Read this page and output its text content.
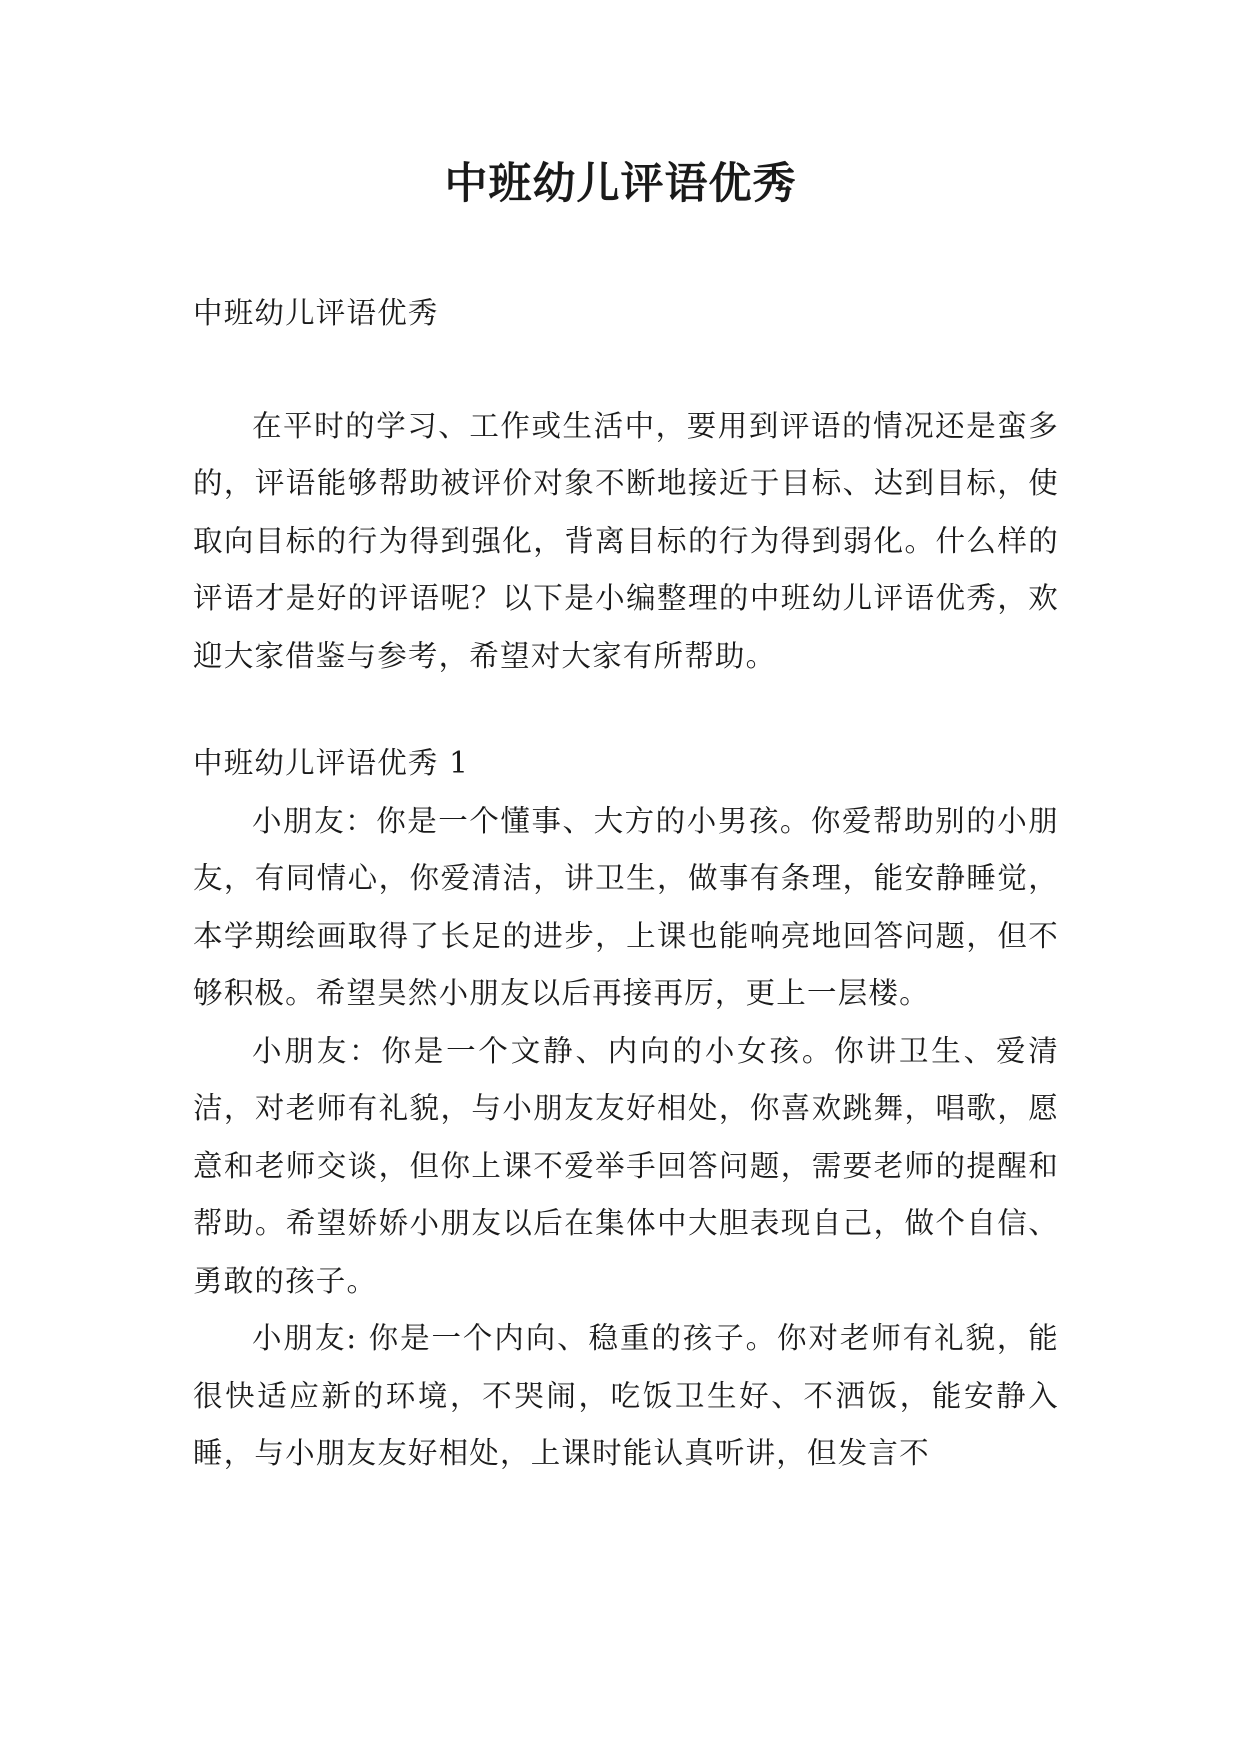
中班幼儿评语优秀

中班幼儿评语优秀

在平时的学习、工作或生活中，要用到评语的情况还是蛮多的，评语能够帮助被评价对象不断地接近于目标、达到目标，使取向目标的行为得到强化，背离目标的行为得到弱化。什么样的评语才是好的评语呢？以下是小编整理的中班幼儿评语优秀，欢迎大家借鉴与参考，希望对大家有所帮助。

中班幼儿评语优秀 1

小朋友：你是一个懂事、大方的小男孩。你爱帮助别的小朋友，有同情心，你爱清洁，讲卫生，做事有条理，能安静睡觉，本学期绘画取得了长足的进步，上课也能响亮地回答问题，但不够积极。希望昊然小朋友以后再接再厉，更上一层楼。

小朋友：你是一个文静、内向的小女孩。你讲卫生、爱清洁，对老师有礼貌，与小朋友友好相处，你喜欢跳舞，唱歌，愿意和老师交谈，但你上课不爱举手回答问题，需要老师的提醒和帮助。希望娇娇小朋友以后在集体中大胆表现自己，做个自信、勇敢的孩子。

小朋友: 你是一个内向、稳重的孩子。你对老师有礼貌，能很快适应新的环境，不哭闹，吃饭卫生好、不洒饭，能安静入睡，与小朋友友好相处，上课时能认真听讲，但发言不
